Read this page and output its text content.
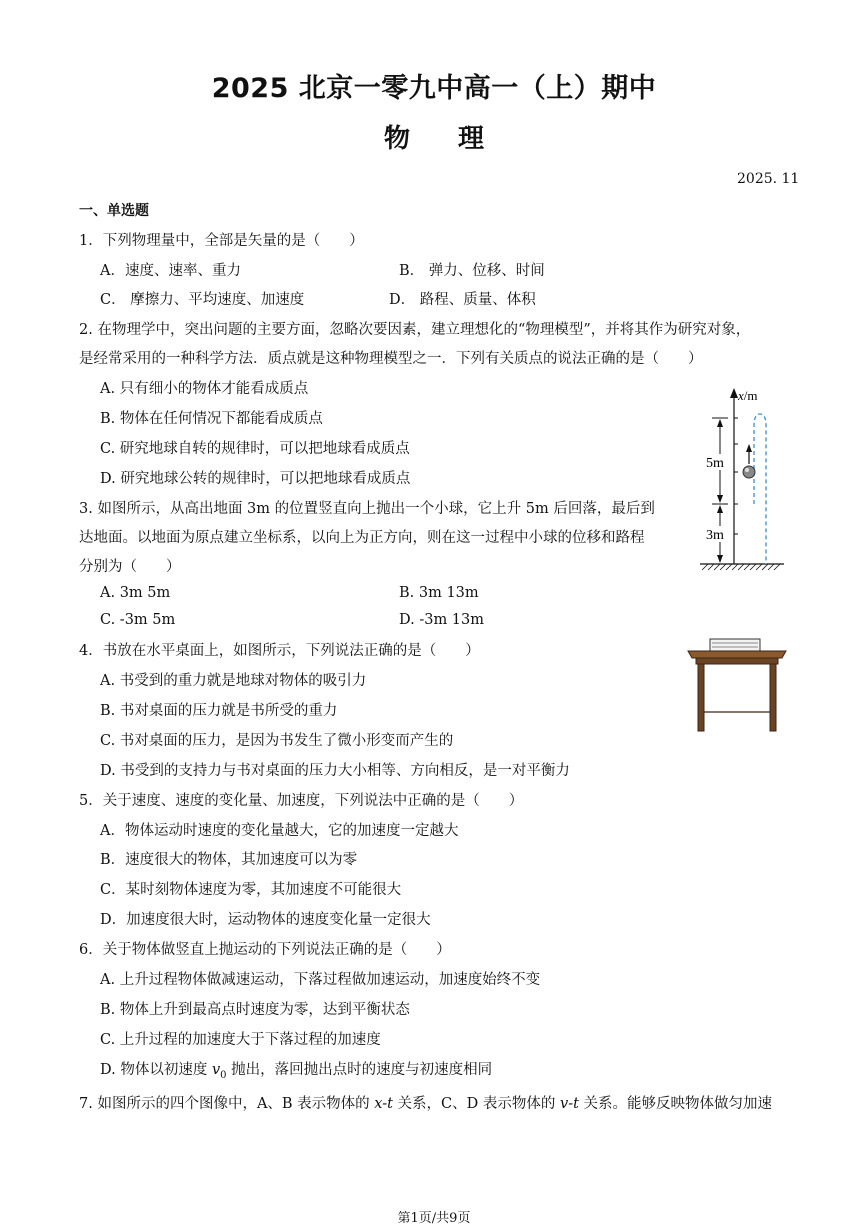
2025 北京一零九中高一（上）期中
物理
2025. 11
一、单选题
1．下列物理量中，全部是矢量的是（　　）
A．速度、速率、重力	B． 弹力、位移、时间
C． 摩擦力、平均速度、加速度	D． 路程、质量、体积
2. 在物理学中，突出问题的主要方面，忽略次要因素，建立理想化的“物理模型”，并将其作为研究对象，
是经常采用的一种科学方法．质点就是这种物理模型之一．下列有关质点的说法正确的是（　　）
A. 只有细小的物体才能看成质点
B. 物体在任何情况下都能看成质点
C. 研究地球自转的规律时，可以把地球看成质点
D. 研究地球公转的规律时，可以把地球看成质点
3. 如图所示，从高出地面 3m 的位置竖直向上抛出一个小球，它上升 5m 后回落，最后到
达地面。以地面为原点建立坐标系，以向上为正方向，则在这一过程中小球的位移和路程
分别为（　　）
A. 3m 5m	B. 3m 13m
C. -3m 5m	D. -3m 13m
x/m
5m
3m
4．书放在水平桌面上，如图所示，下列说法正确的是（　　）
A. 书受到的重力就是地球对物体的吸引力
B. 书对桌面的压力就是书所受的重力
C. 书对桌面的压力，是因为书发生了微小形变而产生的
D. 书受到的支持力与书对桌面的压力大小相等、方向相反，是一对平衡力
5．关于速度、速度的变化量、加速度，下列说法中正确的是（　　）
A．物体运动时速度的变化量越大，它的加速度一定越大
B．速度很大的物体，其加速度可以为零
C．某时刻物体速度为零，其加速度不可能很大
D．加速度很大时，运动物体的速度变化量一定很大
6．关于物体做竖直上抛运动的下列说法正确的是（　　）
A. 上升过程物体做减速运动，下落过程做加速运动，加速度始终不变
B. 物体上升到最高点时速度为零，达到平衡状态
C. 上升过程的加速度大于下落过程的加速度
D. 物体以初速度 $v_0$ 抛出，落回抛出点时的速度与初速度相同
7. 如图所示的四个图像中，A、B 表示物体的 x-t 关系，C、D 表示物体的 v-t 关系。能够反映物体做匀加速
第1页/共9页
